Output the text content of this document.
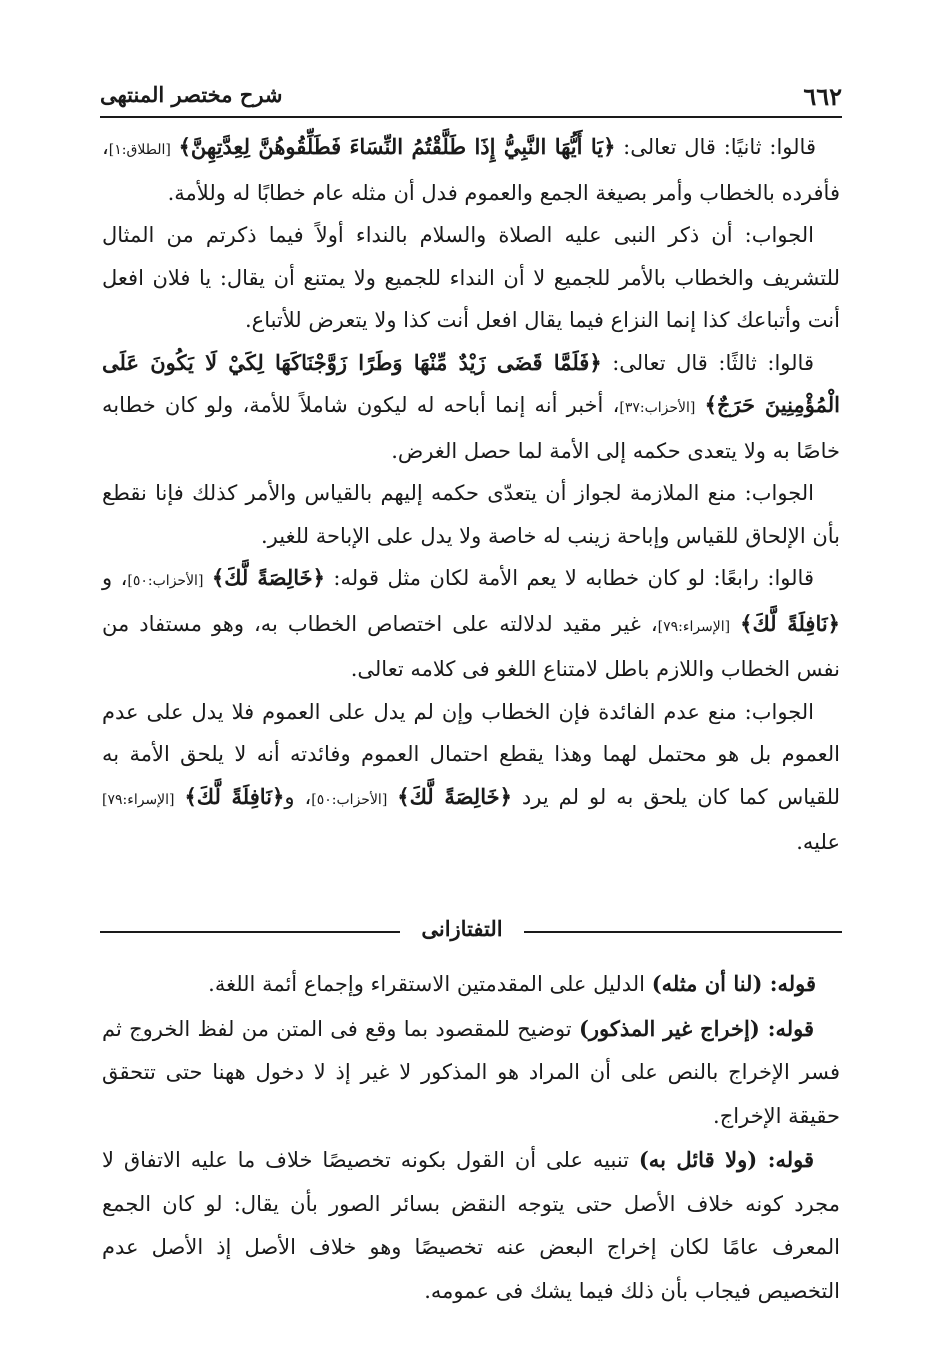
٦٦٢
شرح مختصر المنتهى

قالوا: ثانيًا: قال تعالى: ﴿يَا أَيُّهَا النَّبِيُّ إِذَا طَلَّقْتُمُ النِّسَاءَ فَطَلِّقُوهُنَّ لِعِدَّتِهِنَّ﴾ [الطلاق:١]، فأفرده بالخطاب وأمر بصيغة الجمع والعموم فدل أن مثله عام خطابًا له وللأمة.

الجواب: أن ذكر النبى عليه الصلاة والسلام بالنداء أولاً فيما ذكرتم من المثال للتشريف والخطاب بالأمر للجميع لا أن النداء للجميع ولا يمتنع أن يقال: يا فلان افعل أنت وأتباعك كذا إنما النزاع فيما يقال افعل أنت كذا ولا يتعرض للأتباع.

قالوا: ثالثًا: قال تعالى: ﴿فَلَمَّا قَضَى زَيْدٌ مِّنْهَا وَطَرًا زَوَّجْنَاكَهَا لِكَيْ لَا يَكُونَ عَلَى الْمُؤْمِنِينَ حَرَجٌ﴾ [الأحزاب:٣٧]، أخبر أنه إنما أباحه له ليكون شاملاً للأمة، ولو كان خطابه خاصًا به ولا يتعدى حكمه إلى الأمة لما حصل الغرض.

الجواب: منع الملازمة لجواز أن يتعدّى حكمه إليهم بالقياس والأمر كذلك فإنا نقطع بأن الإلحاق للقياس وإباحة زينب له خاصة ولا يدل على الإباحة للغير.

قالوا: رابعًا: لو كان خطابه لا يعم الأمة لكان مثل قوله: ﴿خَالِصَةً لَّكَ﴾ [الأحزاب:٥٠]، و ﴿نَافِلَةً لَّكَ﴾ [الإسراء:٧٩]، غير مقيد لدلالته على اختصاص الخطاب به، وهو مستفاد من نفس الخطاب واللازم باطل لامتناع اللغو فى كلامه تعالى.

الجواب: منع عدم الفائدة فإن الخطاب وإن لم يدل على العموم فلا يدل على عدم العموم بل هو محتمل لهما وهذا يقطع احتمال العموم وفائدته أنه لا يلحق الأمة به للقياس كما كان يلحق به لو لم يرد ﴿خَالِصَةً لَّكَ﴾ [الأحزاب:٥٠]، و﴿نَافِلَةً لَّكَ﴾ [الإسراء:٧٩] عليه.

التفتازانى

قوله: (لنا أن مثله) الدليل على المقدمتين الاستقراء وإجماع أئمة اللغة.

قوله: (إخراج غير المذكور) توضيح للمقصود بما وقع فى المتن من لفظ الخروج ثم فسر الإخراج بالنص على أن المراد هو المذكور لا غير إذ لا دخول ههنا حتى تتحقق حقيقة الإخراج.

قوله: (ولا قائل به) تنبيه على أن القول بكونه تخصيصًا خلاف ما عليه الاتفاق لا مجرد كونه خلاف الأصل حتى يتوجه النقض بسائر الصور بأن يقال: لو كان الجمع المعرف عامًا لكان إخراج البعض عنه تخصيصًا وهو خلاف الأصل إذ الأصل عدم التخصيص فيجاب بأن ذلك فيما يشك فى عمومه.
